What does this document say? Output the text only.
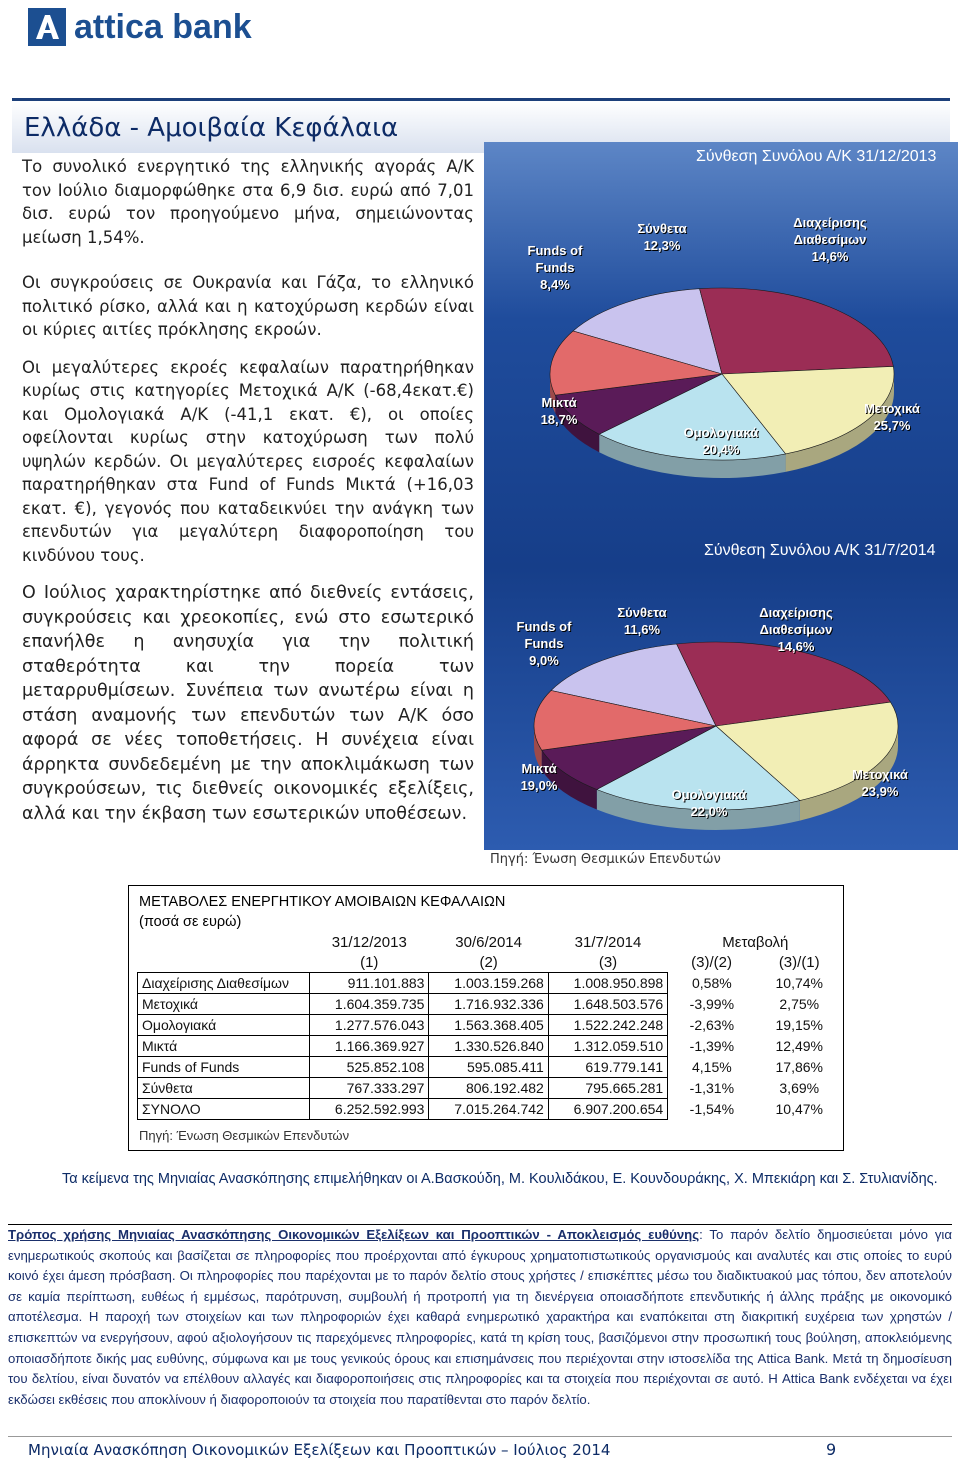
attica bank
Ελλάδα - Αμοιβαία Κεφάλαια

Το συνολικό ενεργητικό της ελληνικής αγοράς Α/Κ τον Ιούλιο διαμορφώθηκε στα 6,9 δισ. ευρώ από 7,01 δισ. ευρώ τον προηγούμενο μήνα, σημειώνοντας μείωση 1,54%.

Οι συγκρούσεις σε Ουκρανία και Γάζα, το ελληνικό πολιτικό ρίσκο, αλλά και η κατοχύρωση κερδών είναι οι κύριες αιτίες πρόκλησης εκροών.

Οι μεγαλύτερες εκροές κεφαλαίων παρατηρήθηκαν κυρίως στις κατηγορίες Μετοχικά Α/Κ (-68,4εκατ.€) και Ομολογιακά Α/Κ (-41,1 εκατ. €), οι οποίες οφείλονται κυρίως στην κατοχύρωση των πολύ υψηλών κερδών. Οι μεγαλύτερες εισροές κεφαλαίων παρατηρήθηκαν στα Fund of Funds Μικτά (+16,03 εκατ. €), γεγονός που καταδεικνύει την ανάγκη των επενδυτών για μεγαλύτερη διαφοροποίηση του κινδύνου τους.

Ο Ιούλιος χαρακτηρίστηκε από διεθνείς εντάσεις, συγκρούσεις και χρεοκοπίες, ενώ στο εσωτερικό επανήλθε η ανησυχία για την πολιτική σταθερότητα και την πορεία των μεταρρυθμίσεων. Συνέπεια των ανωτέρω είναι η στάση αναμονής των επενδυτών των Α/Κ όσο αφορά σε νέες τοποθετήσεις. Η συνέχεια είναι άρρηκτα συνδεδεμένη με την αποκλιμάκωση των συγκρούσεων, τις διεθνείς οικονομικές εξελίξεις, αλλά και την έκβαση των εσωτερικών υποθέσεων.

Σύνθεση Συνόλου Α/Κ 31/12/2013
Σύνθεση Συνόλου Α/Κ 31/7/2014
Funds of Funds 8,4%
Σύνθετα 12,3%
Διαχείρισης Διαθεσίμων 14,6%
Μικτά 18,7%
Μετοχικά 25,7%
Ομολογιακά 20,4%
Funds of Funds 9,0%
Σύνθετα 11,6%
Διαχείρισης Διαθεσίμων 14,6%
Μικτά 19,0%
Μετοχικά 23,9%
Ομολογιακά 22,0%
Πηγή: Ένωση Θεσμικών Επενδυτών
ΜΕΤΑΒΟΛΕΣ ΕΝΕΡΓΗΤΙΚΟΥ ΑΜΟΙΒΑΙΩΝ ΚΕΦΑΛΑΙΩΝ
(ποσά σε ευρώ)
	31/12/2013	30/6/2014	31/7/2014	Μεταβολή	
	(1)	(2)	(3)	(3)/(2)	(3)/(1)
Διαχείρισης Διαθεσίμων	911.101.883	1.003.159.268	1.008.950.898	0,58%	10,74%
Μετοχικά	1.604.359.735	1.716.932.336	1.648.503.576	-3,99%	2,75%
Ομολογιακά	1.277.576.043	1.563.368.405	1.522.242.248	-2,63%	19,15%
Μικτά	1.166.369.927	1.330.526.840	1.312.059.510	-1,39%	12,49%
Funds of Funds	525.852.108	595.085.411	619.779.141	4,15%	17,86%
Σύνθετα	767.333.297	806.192.482	795.665.281	-1,31%	3,69%
ΣΥΝΟΛΟ	6.252.592.993	7.015.264.742	6.907.200.654	-1,54%	10,47%
Πηγή: Ένωση Θεσμικών Επενδυτών
Τα κείμενα της Μηνιαίας Ανασκόπησης επιμελήθηκαν οι Α.Βασκούδη, Μ. Κουλιδάκου, Ε. Κουνδουράκης, Χ. Μπεκιάρη και Σ. Στυλιανίδης.
Τρόπος χρήσης Μηνιαίας Ανασκόπησης Οικονομικών Εξελίξεων και Προοπτικών - Αποκλεισμός ευθύνης: Το παρόν δελτίο δημοσιεύεται μόνο για ενημερωτικούς σκοπούς και βασίζεται σε πληροφορίες που προέρχονται από έγκυρους χρηματοπιστωτικούς οργανισμούς και αναλυτές και στις οποίες το ευρύ κοινό έχει άμεση πρόσβαση. Οι πληροφορίες που παρέχονται με το παρόν δελτίο στους χρήστες / επισκέπτες μέσω του διαδικτυακού μας τόπου, δεν αποτελούν σε καμία περίπτωση, ευθέως ή εμμέσως, παρότρυνση, συμβουλή ή προτροπή για τη διενέργεια οποιασδήποτε επενδυτικής ή άλλης πράξης με οικονομικό αποτέλεσμα. Η παροχή των στοιχείων και των πληροφοριών έχει καθαρά ενημερωτικό χαρακτήρα και εναπόκειται στη διακριτική ευχέρεια των χρηστών / επισκεπτών να ενεργήσουν, αφού αξιολογήσουν τις παρεχόμενες πληροφορίες, κατά τη κρίση τους, βασιζόμενοι στην προσωπική τους βούληση, αποκλειόμενης οποιασδήποτε δικής μας ευθύνης, σύμφωνα και με τους γενικούς όρους και επισημάνσεις που περιέχονται στην ιστοσελίδα της Attica Bank. Μετά τη δημοσίευση του δελτίου, είναι δυνατόν να επέλθουν αλλαγές και διαφοροποιήσεις στις πληροφορίες και τα στοιχεία που περιέχονται σε αυτό. Η Attica Bank ενδέχεται να έχει εκδώσει εκθέσεις που αποκλίνουν ή διαφοροποιούν τα στοιχεία που παρατίθενται στο παρόν δελτίο.
Μηνιαία Ανασκόπηση Οικονομικών Εξελίξεων και Προοπτικών – Ιούλιος 2014	9
